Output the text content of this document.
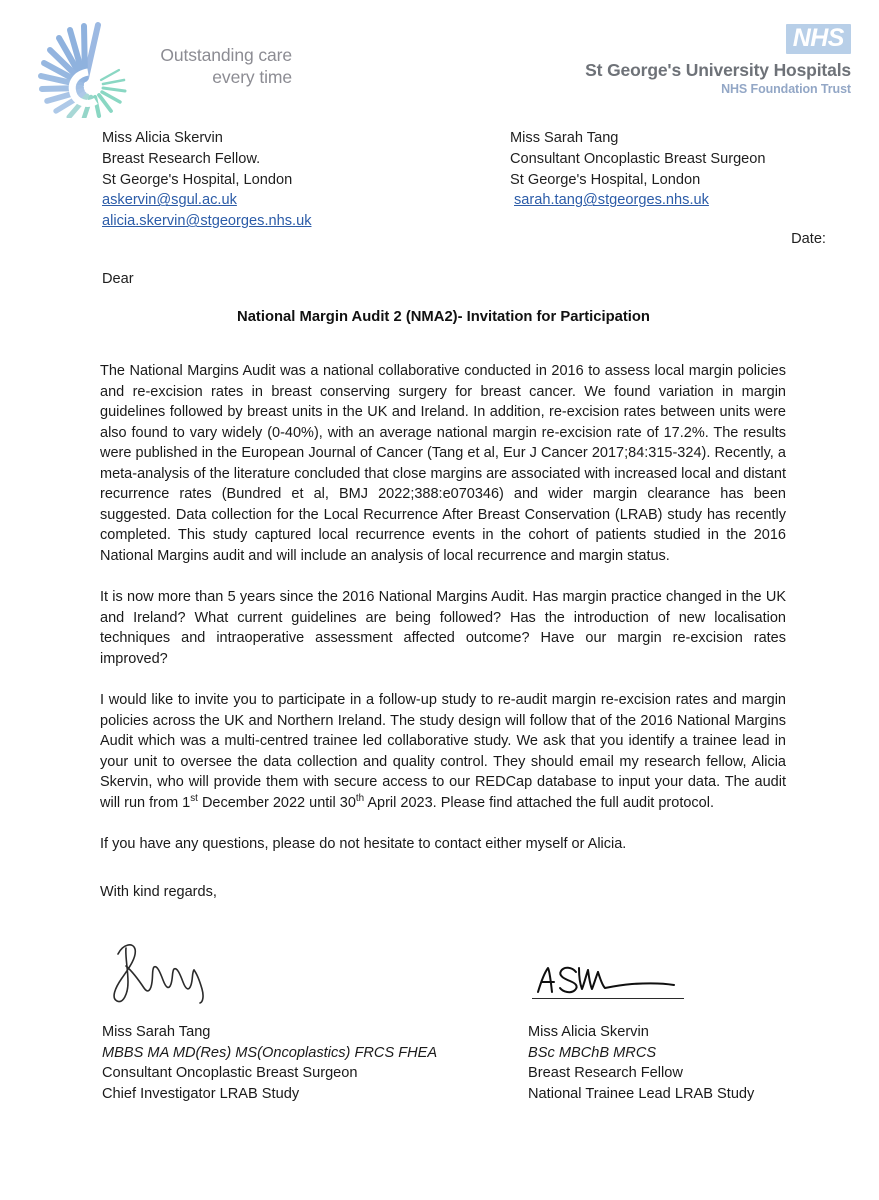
Outstanding care
every time
NHS
St George's University Hospitals
NHS Foundation Trust
Miss Alicia Skervin
Breast Research Fellow.
St George's Hospital, London
askervin@sgul.ac.uk
alicia.skervin@stgeorges.nhs.uk
Miss Sarah Tang
Consultant Oncoplastic Breast Surgeon
St George's Hospital, London
sarah.tang@stgeorges.nhs.uk
Date:
Dear
National Margin Audit 2 (NMA2)- Invitation for Participation

The National Margins Audit was a national collaborative conducted in 2016 to assess local margin policies and re-excision rates in breast conserving surgery for breast cancer. We found variation in margin guidelines followed by breast units in the UK and Ireland. In addition, re-excision rates between units were also found to vary widely (0-40%), with an average national margin re-excision rate of 17.2%. The results were published in the European Journal of Cancer (Tang et al, Eur J Cancer 2017;84:315-324). Recently, a meta-analysis of the literature concluded that close margins are associated with increased local and distant recurrence rates (Bundred et al, BMJ 2022;388:e070346) and wider margin clearance has been suggested. Data collection for the Local Recurrence After Breast Conservation (LRAB) study has recently completed. This study captured local recurrence events in the cohort of patients studied in the 2016 National Margins audit and will include an analysis of local recurrence and margin status.

It is now more than 5 years since the 2016 National Margins Audit. Has margin practice changed in the UK and Ireland? What current guidelines are being followed? Has the introduction of new localisation techniques and intraoperative assessment affected outcome? Have our margin re-excision rates improved?

I would like to invite you to participate in a follow-up study to re-audit margin re-excision rates and margin policies across the UK and Northern Ireland. The study design will follow that of the 2016 National Margins Audit which was a multi-centred trainee led collaborative study. We ask that you identify a trainee lead in your unit to oversee the data collection and quality control. They should email my research fellow, Alicia Skervin, who will provide them with secure access to our REDCap database to input your data. The audit will run from 1st December 2022 until 30th April 2023. Please find attached the full audit protocol.

If you have any questions, please do not hesitate to contact either myself or Alicia.

With kind regards,

Miss Sarah Tang
MBBS MA MD(Res) MS(Oncoplastics) FRCS FHEA
Consultant Oncoplastic Breast Surgeon
Chief Investigator LRAB Study
Miss Alicia Skervin
BSc MBChB MRCS
Breast Research Fellow
National Trainee Lead LRAB Study
